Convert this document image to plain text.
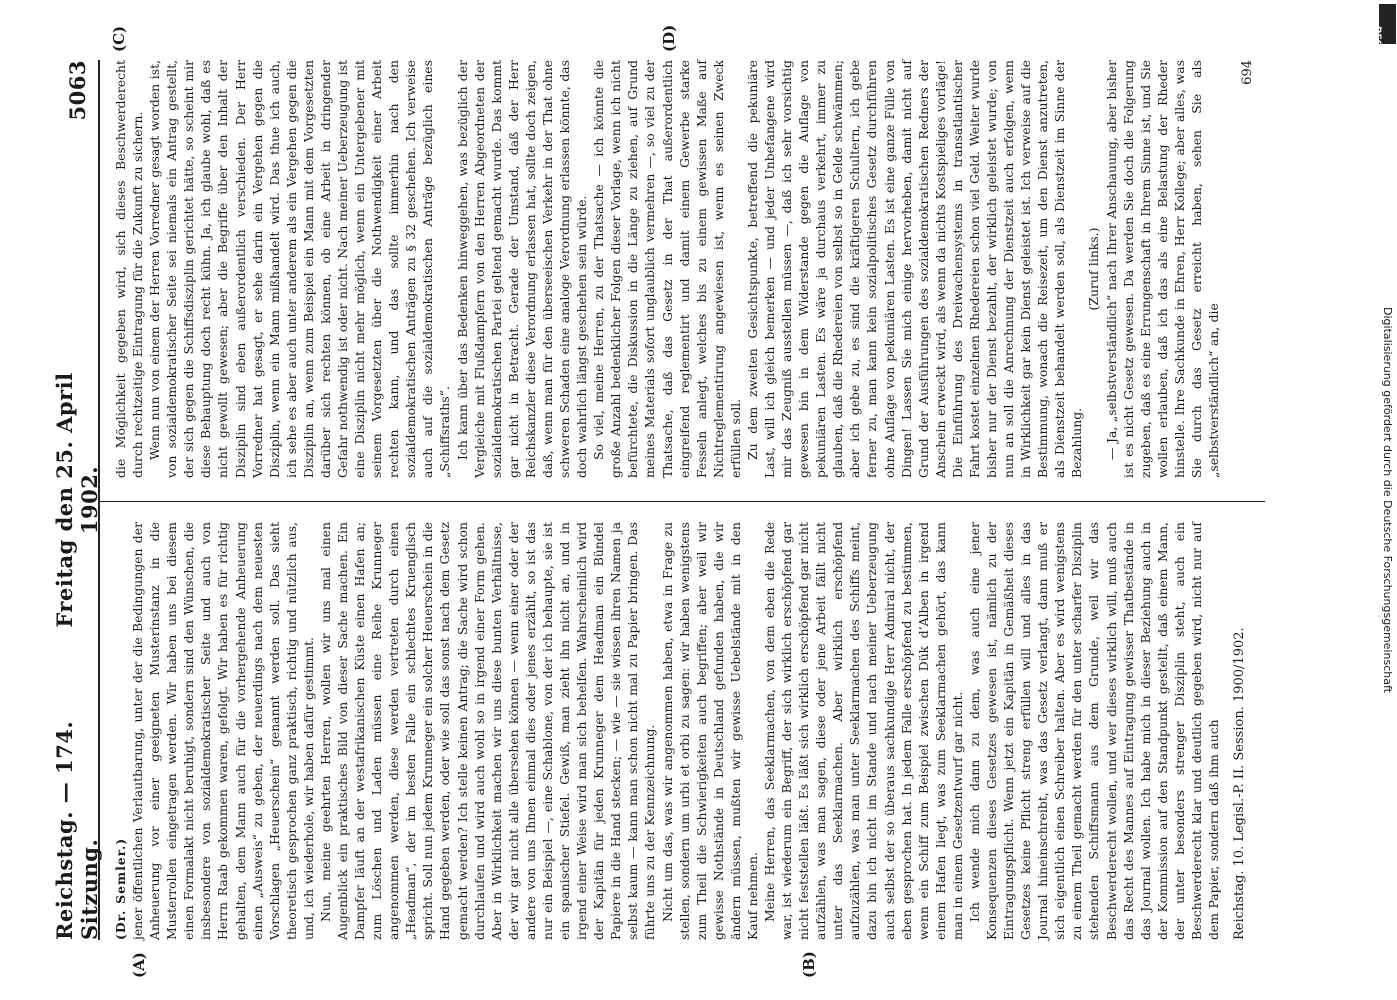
Reichstag. — 174. Sitzung.
Freitag den 25. April 1902.
5063
(A)	(B)
(C)	(D)

(Dr. Semler.) jener öffentlichen Verlautbarung, unter der die Bedingungen der Anheuerung vor einer geeigneten Musterinstanz in die Musterrollen eingetragen werden. Wir haben uns bei diesem einen Formalakt nicht beruhigt, sondern sind den Wünschen, die insbesondere von sozialdemokratischer Seite und auch von Herrn Raab gekommen waren, gefolgt. Wir haben es für richtig gehalten, dem Mann auch für die vorhergehende Anheuerung einen „Ausweis“ zu geben, der neuerdings nach dem neuesten Vorschlagen „Heuerschein“ genannt werden soll. Das sieht theoretisch gesprochen ganz praktisch, richtig und nützlich aus, und, ich wiederhole, wir haben dafür gestimmt. Nun, meine geehrten Herren, wollen wir uns mal einen Augenblick ein praktisches Bild von dieser Sache machen. Ein Dampfer läuft an der westafrikanischen Küste einen Hafen an; zum Löschen und Laden müssen eine Reihe Krunneger angenommen werden, diese werden vertreten durch einen „Headman“, der im besten Falle ein schlechtes Kruenglisch spricht. Soll nun jedem Krunneger ein solcher Heuerschein in die Hand gegeben werden, oder wie soll das sonst nach dem Gesetz gemacht werden? Ich stelle keinen Antrag; die Sache wird schon durchlaufen und wird auch wohl so in irgend einer Form gehen. Aber in Wirklichkeit machen wir uns diese bunten Verhältnisse, der wir gar nicht alle übersehen können — wenn einer oder der andere von uns Ihnen einmal dies oder jenes erzählt, so ist das nur ein Beispiel —, eine Schablone, von der ich behaupte, sie ist ein spanischer Stiefel. Gewiß, man zieht ihn nicht an, und in irgend einer Weise wird man sich behelfen. Wahrscheinlich wird der Kapitän für jeden Krunneger dem Headman ein Bündel Papiere in die Hand stecken; — wie — sie wissen ihren Namen ja selbst kaum — kann man schon nicht mal zu Papier bringen. Das führte uns zu der Kennzeichnung. Nicht um das, was wir angenommen haben, etwa in Frage zu stellen, sondern um urbi et orbi zu sagen: wir haben wenigstens zum Theil die Schwierigkeiten auch begriffen; aber weil wir gewisse Nothstände in Deutschland gefunden haben, die wir ändern müssen, mußten wir gewisse Uebelstände mit in den Kauf nehmen. Meine Herren, das Seeklarmachen, von dem eben die Rede war, ist wiederum ein Begriff, der sich wirklich erschöpfend gar nicht feststellen läßt. Es läßt sich wirklich erschöpfend gar nicht aufzählen, was man sagen, diese oder jene Arbeit fällt nicht unter das Seeklarmachen. Aber wirklich erschöpfend aufzuzählen, was man unter Seeklarmachen des Schiffs meint, dazu bin ich nicht im Stande und nach meiner Ueberzeugung auch selbst der so überaus sachkundige Herr Admiral nicht, der eben gesprochen hat. In jedem Falle erschöpfend zu bestimmen, wenn ein Schiff zum Beispiel zwischen Dük d’Alben in irgend einem Hafen liegt, was zum Seeklarmachen gehört, das kann man in einem Gesetzentwurf gar nicht. Ich wende mich dann zu dem, was auch eine jener Konsequenzen dieses Gesetzes gewesen ist, nämlich zu der Eintragungspflicht. Wenn jetzt ein Kapitän in Gemäßheit dieses Gesetzes keine Pflicht streng erfüllen will und alles in das Journal hineinschreibt, was das Gesetz verlangt, dann muß er sich eigentlich einen Schreiber halten. Aber es wird wenigstens zu einem Theil gemacht werden für den unter scharfer Disziplin stehenden Schiffsmann aus dem Grunde, weil wir das Beschwerderecht wollen, und wer dieses wirklich will, muß auch das Recht des Mannes auf Eintragung gewisser Thatbestände in das Journal wollen. Ich habe mich in dieser Beziehung auch in der Kommission auf den Standpunkt gestellt, daß einem Mann, der unter besonders strenger Disziplin steht, auch ein Beschwerderecht klar und deutlich gegeben wird, nicht nur auf dem Papier, sondern daß ihm auch

die Möglichkeit gegeben wird, sich dieses Beschwerderecht durch rechtzeitige Eintragung für die Zukunft zu sichern. Wenn nun von einem der Herren Vorredner gesagt worden ist, von sozialdemokratischer Seite sei niemals ein Antrag gestellt, der sich gegen die Schiffsdisziplin gerichtet hätte, so scheint mir diese Behauptung doch recht kühn. Ja, ich glaube wohl, daß es nicht gewollt gewesen; aber die Begriffe über den Inhalt der Disziplin sind eben außerordentlich verschieden. Der Herr Vorredner hat gesagt, er sehe darin ein Vergehen gegen die Disziplin, wenn ein Mann mißhandelt wird. Das thue ich auch, ich sehe es aber auch unter anderem als ein Vergehen gegen die Disziplin an, wenn zum Beispiel ein Mann mit dem Vorgesetzten darüber sich rechten können, ob eine Arbeit in dringender Gefahr nothwendig ist oder nicht. Nach meiner Ueberzeugung ist eine Disziplin nicht mehr möglich, wenn ein Untergebener mit seinem Vorgesetzten über die Nothwendigkeit einer Arbeit rechten kann, und das sollte immerhin nach den sozialdemokratischen Anträgen zu § 32 geschehen. Ich verweise auch auf die sozialdemokratischen Anträge bezüglich eines „Schiffsraths“. Ich kann über das Bedenken hinweggehen, was bezüglich der Vergleiche mit Flußdampfern von den Herren Abgeordneten der sozialdemokratischen Partei geltend gemacht wurde. Das kommt gar nicht in Betracht. Gerade der Umstand, daß der Herr Reichskanzler diese Verordnung erlassen hat, sollte doch zeigen, daß, wenn man für den überseeischen Verkehr in der That ohne schweren Schaden eine analoge Verordnung erlassen könnte, das doch wahrlich längst geschehen sein würde. So viel, meine Herren, zu der Thatsache — ich könnte die große Anzahl bedenklicher Folgen dieser Vorlage, wenn ich nicht befürchtete, die Diskussion in die Länge zu ziehen, auf Grund meines Materials sofort unglaublich vermehren —, so viel zu der Thatsache, daß das Gesetz in der That außerordentlich eingreifend reglementirt und damit einem Gewerbe starke Fesseln anlegt, welches bis zu einem gewissen Maße auf Nichtreglementirung angewiesen ist, wenn es seinen Zweck erfüllen soll. Zu dem zweiten Gesichtspunkte, betreffend die pekuniäre Last, will ich gleich bemerken — und jeder Unbefangene wird mir das Zeugniß ausstellen müssen —, daß ich sehr vorsichtig gewesen bin in dem Widerstande gegen die Auflage von pekuniären Lasten. Es wäre ja durchaus verkehrt, immer zu glauben, daß die Rhedereien von selbst so in Gelde schwämmen; aber ich gebe zu, es sind die kräftigeren Schultern, ich gebe ferner zu, man kann kein sozialpolitisches Gesetz durchführen ohne Auflage von pekuniären Lasten. Es ist eine ganze Fülle von Dingen! Lassen Sie mich einige hervorheben, damit nicht auf Grund der Ausführungen des sozialdemokratischen Redners der Anschein erweckt wird, als wenn da nichts Kostspieliges vorläge! Die Einführung des Dreiwachensystems in transatlantischer Fahrt kostet einzelnen Rhedereien schon viel Geld. Weiter wurde bisher nur der Dienst bezahlt, der wirklich geleistet wurde; von nun an soll die Anrechnung der Dienstzeit auch erfolgen, wenn in Wirklichkeit gar kein Dienst geleistet ist. Ich verweise auf die Bestimmung, wonach die Reisezeit, um den Dienst anzutreten, als Dienstzeit behandelt werden soll, als Dienstzeit im Sinne der Bezahlung.

(Zuruf links.) — Ja, „selbstverständlich“ nach Ihrer Anschauung, aber bisher ist es nicht Gesetz gewesen. Da werden Sie doch die Folgerung zugeben, daß es eine Errungenschaft in Ihrem Sinne ist, und Sie wollen erlauben, daß ich das als eine Belastung der Rheder hinstelle. Ihre Sachkunde in Ehren, Herr Kollege; aber alles, was Sie durch das Gesetz erreicht haben, sehen Sie als „selbstverständlich“ an, die

Reichstag. 10. Legisl.-P. II. Session. 1900/1902.
694
Digitalisierung gefördert durch die Deutsche Forschungsgemeinschaft
DFG
